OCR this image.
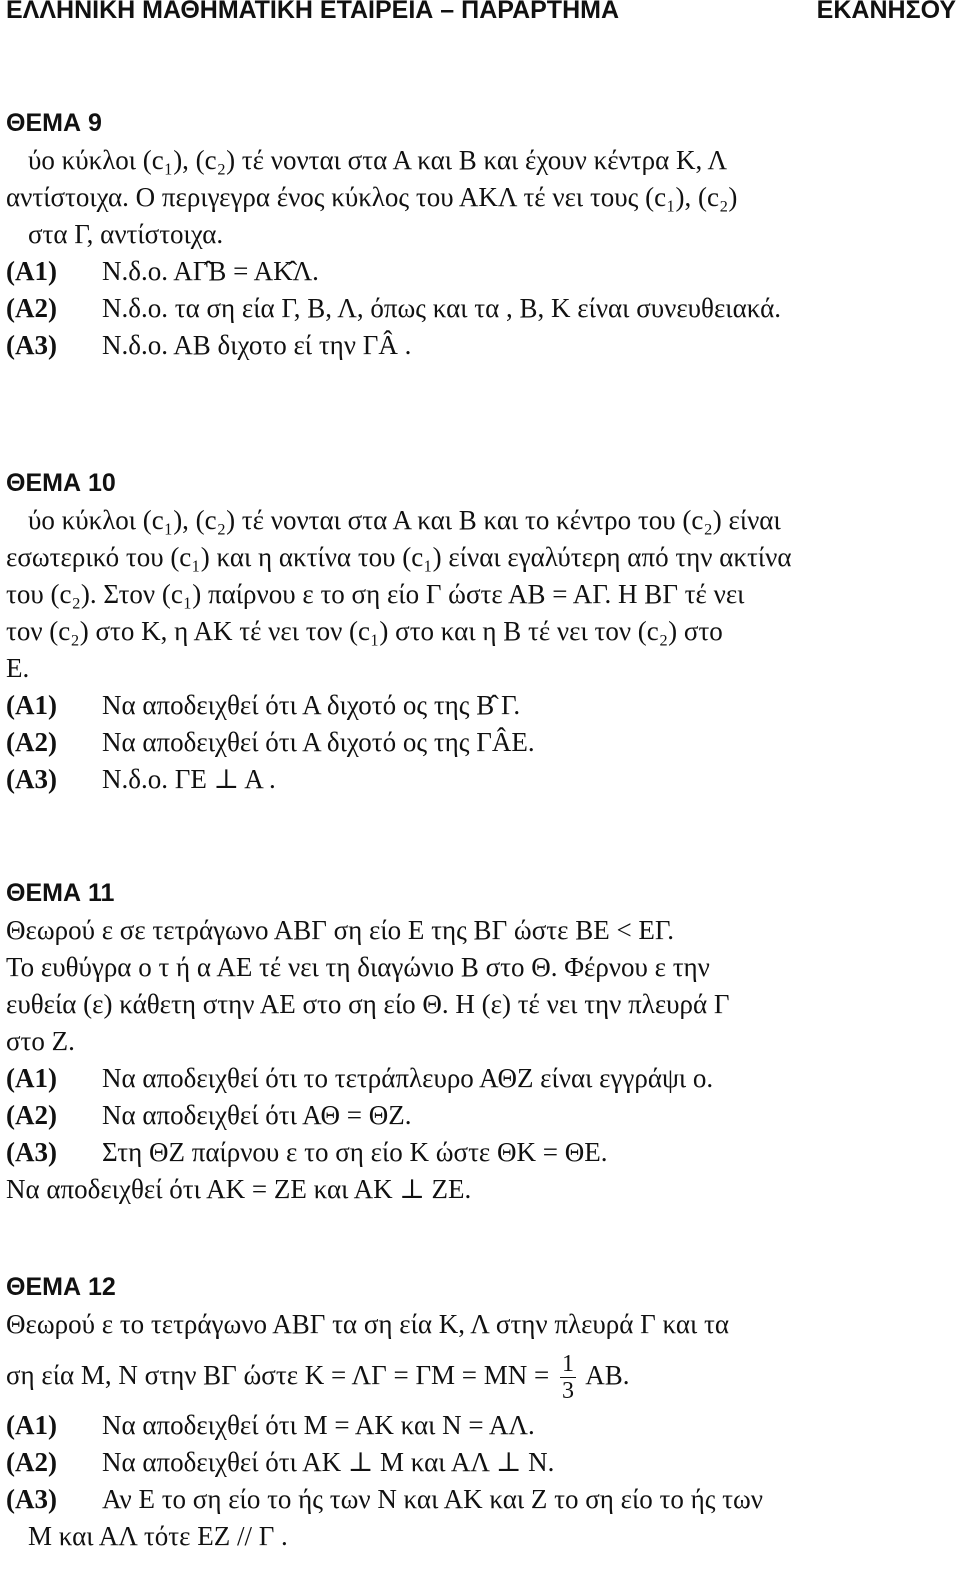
ΕΛΛΗΝΙΚΗ ΜΑΘΗΜΑΤΙΚΗ ΕΤΑΙΡΕΙΑ – ΠΑΡΑΡΤΗΜΑ	ΕΚΑΝΗΣΟΥ
ΘΕΜΑ 9
ύο κύκλοι (c₁), (c₂) τέ νονται στα Α και Β και έχουν κέντρα Κ, Λ
αντίστοιχα. Ο περιγεγρα ένος κύκλος του ΑΚΛ τέ νει τους (c₁), (c₂)
στα Γ, αντίστοιχα.
(Α1)	Ν.δ.ο. ΑΓ̂Β = ΑΚ̂Λ.
(Α2)	Ν.δ.ο. τα ση εία Γ, Β, Λ, όπως και τα , Β, Κ είναι συνευθειακά.
(Α3)	Ν.δ.ο. ΑΒ διχοτο εί την ΓÂ .
ΘΕΜΑ 10
ύο κύκλοι (c₁), (c₂) τέ νονται στα Α και Β και το κέντρο του (c₂) είναι
εσωτερικό του (c₁) και η ακτίνα του (c₁) είναι εγαλύτερη από την ακτίνα
του (c₂). Στον (c₁) παίρνου ε το ση είο Γ ώστε ΑΒ = ΑΓ. Η ΒΓ τέ νει
τον (c₂) στο Κ, η ΑΚ τέ νει τον (c₁) στο και η Β τέ νει τον (c₂) στο
Ε.
(Α1)	Να αποδειχθεί ότι Α διχοτό ος της Β̂ Γ.
(Α2)	Να αποδειχθεί ότι Α διχοτό ος της ΓÂΕ.
(Α3)	Ν.δ.ο. ΓΕ ⊥ Α .
ΘΕΜΑ 11
Θεωρού ε σε τετράγωνο ΑΒΓ ση είο Ε της ΒΓ ώστε ΒΕ < ΕΓ.
Το ευθύγρα ο τ ή α ΑΕ τέ νει τη διαγώνιο Β στο Θ. Φέρνου ε την
ευθεία (ε) κάθετη στην ΑΕ στο ση είο Θ. Η (ε) τέ νει την πλευρά Γ
στο Ζ.
(Α1)	Να αποδειχθεί ότι το τετράπλευρο ΑΘΖ είναι εγγράψι ο.
(Α2)	Να αποδειχθεί ότι ΑΘ = ΘΖ.
(Α3)	Στη ΘΖ παίρνου ε το ση είο Κ ώστε ΘΚ = ΘΕ.
Να αποδειχθεί ότι ΑΚ = ΖΕ και ΑΚ ⊥ ΖΕ.
ΘΕΜΑ 12
Θεωρού ε το τετράγωνο ΑΒΓ τα ση εία Κ, Λ στην πλευρά Γ και τα
ση εία Μ, Ν στην ΒΓ ώστε $K = \Lambda\Gamma = \Gamma M = MN = \frac{1}{3} AB$.
(Α1)	Να αποδειχθεί ότι Μ = ΑΚ και Ν = ΑΛ.
(Α2)	Να αποδειχθεί ότι ΑΚ ⊥ Μ και ΑΛ ⊥ Ν.
(Α3)	Αν Ε το ση είο το ής των Ν και ΑΚ και Ζ το ση είο το ής των
Μ και ΑΛ τότε ΕΖ // Γ .
